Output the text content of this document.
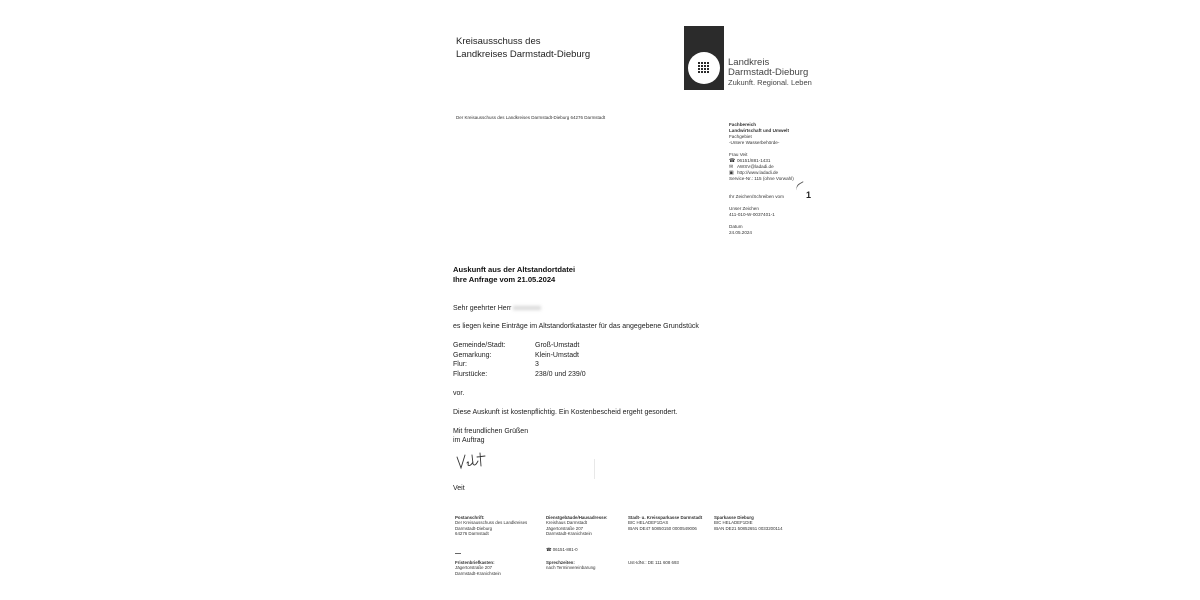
Kreisausschuss des
Landkreises Darmstadt-Dieburg
Landkreis
Darmstadt-Dieburg
Zukunft. Regional. Leben
Der Kreisausschuss des Landkreises Darmstadt-Dieburg 64276 Darmstadt
Fachbereich
Landwirtschaft und Umwelt
Fachgebiet
-Untere Wasserbehörde-
Frau Veit
☎ 06151/881-1431
✉ AWSV@ladadi.de
▣ http://www.ladadi.de
Service-Nr.: 115 (ohne Vorwahl)
Ihr Zeichen/Schreiben vom
Unser Zeichen
411-010-W-0037401-1
Datum
24.05.2024
1
Auskunft aus der Altstandortdatei
Ihre Anfrage vom 21.05.2024
Sehr geehrter Herr
es liegen keine Einträge im Altstandortkataster für das angegebene Grundstück
Gemeinde/Stadt:	Groß-Umstadt
Gemarkung:	Klein-Umstadt
Flur:	3
Flurstücke:	238/0 und 239/0
vor.
Diese Auskunft ist kostenpflichtig. Ein Kostenbescheid ergeht gesondert.
Mit freundlichen Grüßen
im Auftrag
Veit
Postanschrift:
Der Kreisausschuss des Landkreises
Darmstadt-Dieburg
64276 Darmstadt
Dienstgebäude/Hausadresse:
Kreishaus Darmstadt
Jägertorstraße 207
Darmstadt-Kranichstein
☎ 06151-881-0
Stadt- u. Kreissparkasse Darmstadt
BIC HELADEF1DAS
IBAN DE47 50850150 0000549006
Sparkasse Dieburg
BIC HELADEF1DIE
IBAN DE21 50852651 0033200114
Fristenbriefkasten:
Jägertorstraße 207
Darmstadt-Kranichstein
Sprechzeiten:
nach Terminvereinbarung
Ust-IdNr.: DE 111 608 693
